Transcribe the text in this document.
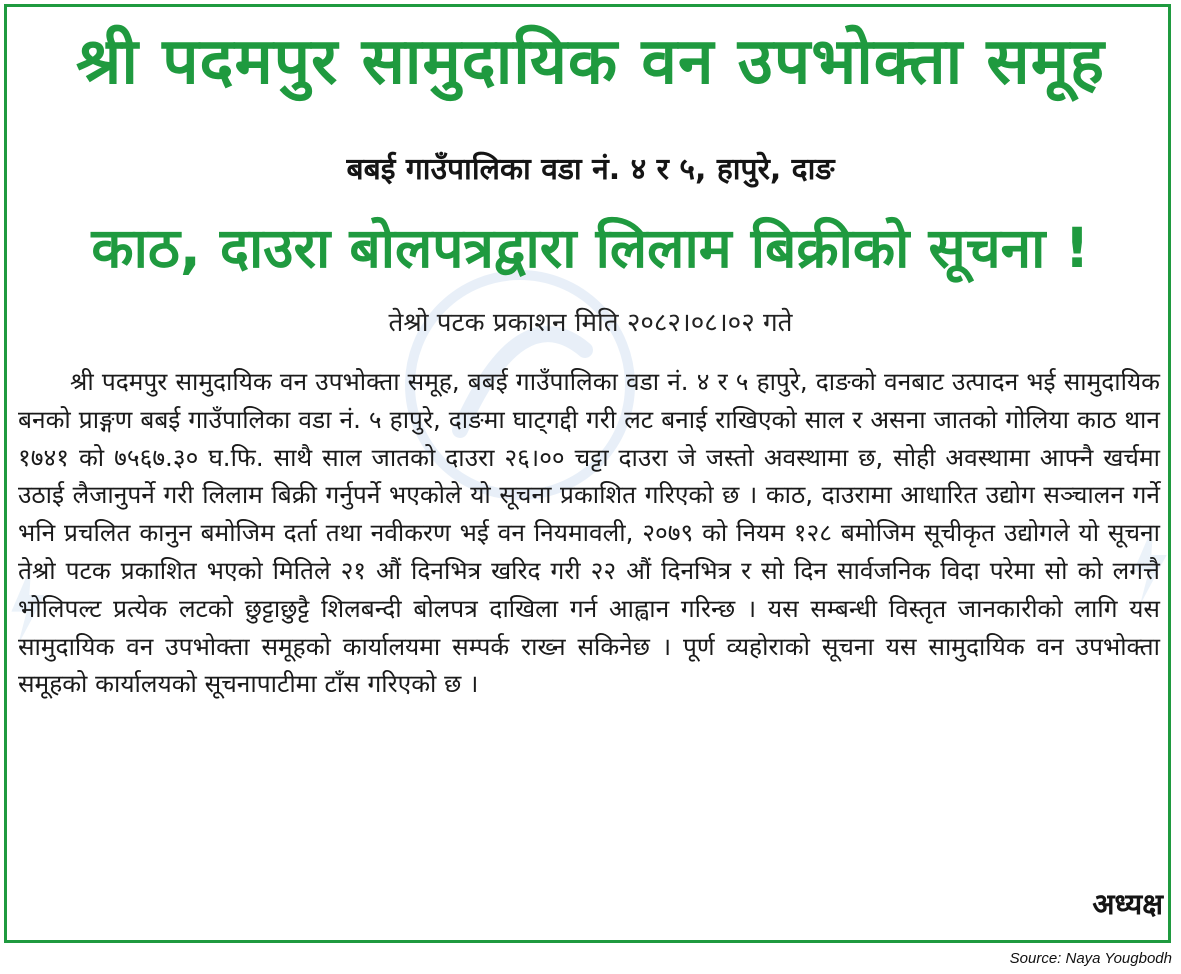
श्री पदमपुर सामुदायिक वन उपभोक्ता समूह
बबई गाउँपालिका वडा नं. ४ र ५, हापुरे, दाङ
काठ, दाउरा बोलपत्रद्वारा लिलाम बिक्रीको सूचना !
तेश्रो पटक प्रकाशन मिति २०८२।०८।०२ गते
श्री पदमपुर सामुदायिक वन उपभोक्ता समूह, बबई गाउँपालिका वडा नं. ४ र ५ हापुरे, दाङको वनबाट उत्पादन भई सामुदायिक बनको प्राङ्गण बबई गाउँपालिका वडा नं. ५ हापुरे, दाङमा घाट्गद्दी गरी लट बनाई राखिएको साल र असना जातको गोलिया काठ थान १७४१ को ७५६७.३० घ.फि. साथै साल जातको दाउरा २६।०० चट्टा दाउरा जे जस्तो अवस्थामा छ, सोही अवस्थामा आफ्नै खर्चमा उठाई लैजानुपर्ने गरी लिलाम बिक्री गर्नुपर्ने भएकोले यो सूचना प्रकाशित गरिएको छ । काठ, दाउरामा आधारित उद्योग सञ्चालन गर्ने भनि प्रचलित कानुन बमोजिम दर्ता तथा नवीकरण भई वन नियमावली, २०७९ को नियम १२८ बमोजिम सूचीकृत उद्योगले यो सूचना तेश्रो पटक प्रकाशित भएको मितिले २१ औं दिनभित्र खरिद गरी २२ औं दिनभित्र र सो दिन सार्वजनिक विदा परेमा सो को लगत्तै भोलिपल्ट प्रत्येक लटको छुट्टाछुट्टै शिलबन्दी बोलपत्र दाखिला गर्न आह्वान गरिन्छ । यस सम्बन्धी विस्तृत जानकारीको लागि यस सामुदायिक वन उपभोक्ता समूहको कार्यालयमा सम्पर्क राख्न सकिनेछ । पूर्ण व्यहोराको सूचना यस सामुदायिक वन उपभोक्ता समूहको कार्यालयको सूचनापाटीमा टाँस गरिएको छ ।
अध्यक्ष
Source: Naya Yougbodh
